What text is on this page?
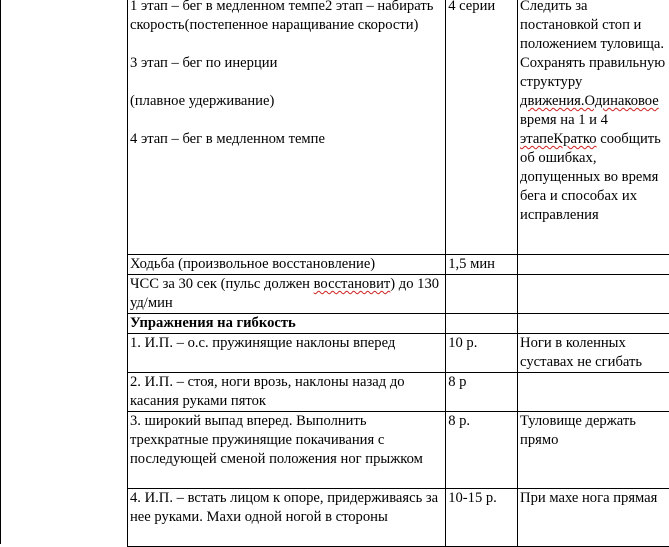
1 этап – бег в медленном темпе2 этап – набирать скорость(постепенное наращивание скорости)
3 этап – бег по инерции
(плавное удерживание)
4 этап – бег в медленном темпе	4 серии	Следить за постановкой стоп и положением туловища. Сохранять правильную структуру движения.Одинаковое время на 1 и 4 этапеКратко сообщить об ошибках, допущенных во время бега и способах их исправления
Ходьба (произвольное восстановление)	1,5 мин	
ЧСС за 30 сек (пульс должен восстановит) до 130 уд/мин		
Упражнения на гибкость		
1. И.П. – о.с. пружинящие наклоны вперед	10 р.	Ноги в коленных суставах не сгибать
2. И.П. – стоя, ноги врозь, наклоны назад до касания руками пяток	8 р	
3. широкий выпад вперед. Выполнить трехкратные пружинящие покачивания с последующей сменой положения ног прыжком	8 р.	Туловище держать прямо
4. И.П. – встать лицом к опоре, придерживаясь за нее руками. Махи одной ногой в стороны	10-15 р.	При махе нога прямая
